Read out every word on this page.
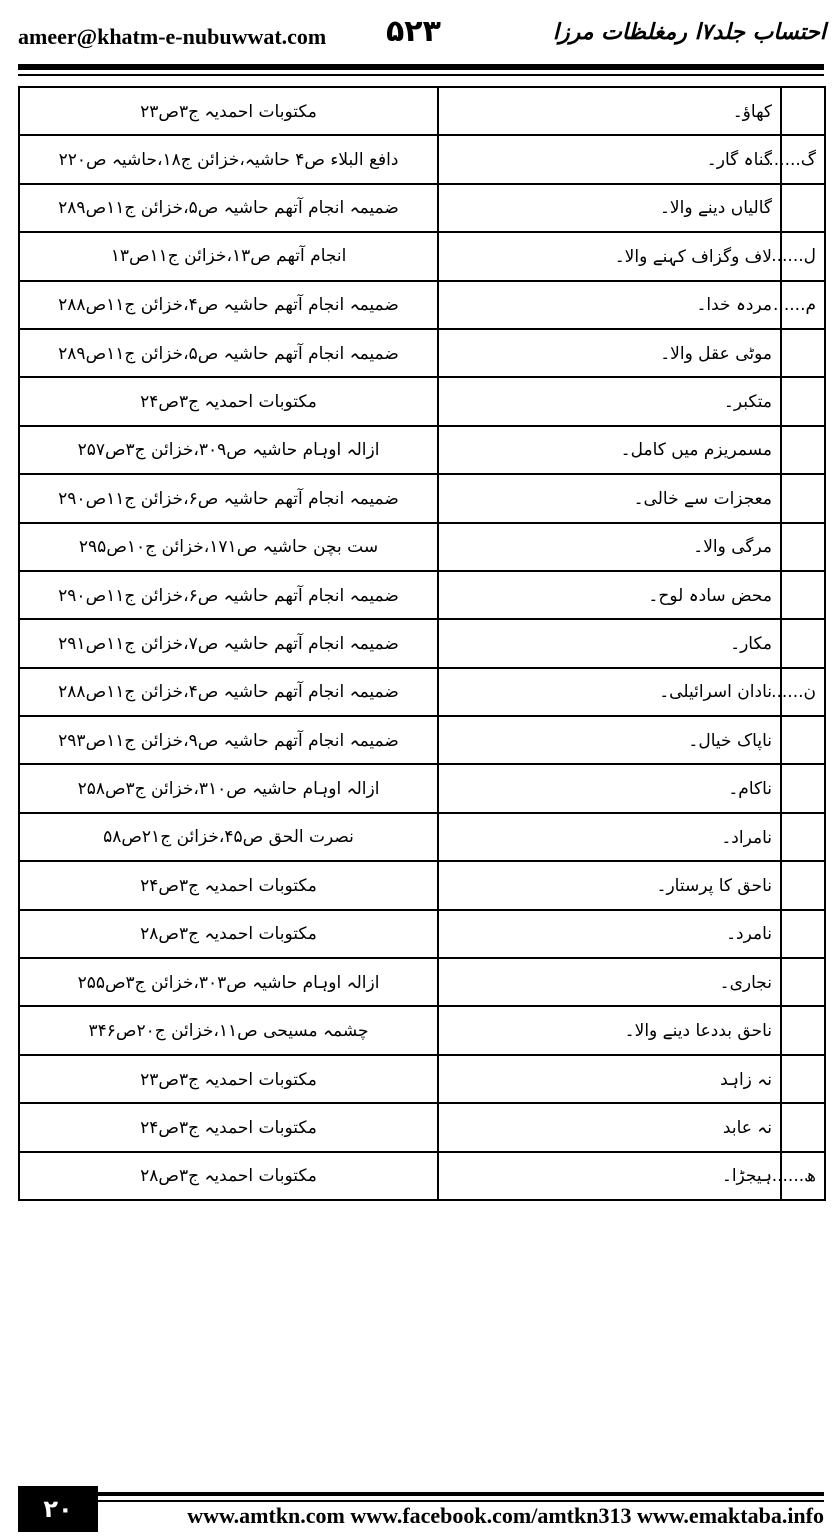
ameer@khatm-e-nubuwwat.com ۵۲۳	احتساب جلد۷ا رمغلظات مرزا
	کھاؤ۔	مکتوبات احمدیہ ج۳ص۲۳
گ......	گناہ گار۔	دافع البلاء ص۴ حاشیہ،خزائن ج۱۸،حاشیہ ص۲۲۰
	گالیاں دینے والا۔	ضمیمہ انجام آتھم حاشیہ ص۵،خزائن ج۱۱ص۲۸۹
ل......	لاف وگزاف کہنے والا۔	انجام آتھم ص۱۳،خزائن ج۱۱ص۱۳
م......	مردہ خدا۔	ضمیمہ انجام آتھم حاشیہ ص۴،خزائن ج۱۱ص۲۸۸
	موٹی عقل والا۔	ضمیمہ انجام آتھم حاشیہ ص۵،خزائن ج۱۱ص۲۸۹
	متکبر۔	مکتوبات احمدیہ ج۳ص۲۴
	مسمریزم میں کامل۔	ازالہ اوہام حاشیہ ص۳۰۹،خزائن ج۳ص۲۵۷
	معجزات سے خالی۔	ضمیمہ انجام آتھم حاشیہ ص۶،خزائن ج۱۱ص۲۹۰
	مرگی والا۔	ست بچن حاشیہ ص۱۷۱،خزائن ج۱۰ص۲۹۵
	محض سادہ لوح۔	ضمیمہ انجام آتھم حاشیہ ص۶،خزائن ج۱۱ص۲۹۰
	مکار۔	ضمیمہ انجام آتھم حاشیہ ص۷،خزائن ج۱۱ص۲۹۱
ن......	نادان اسرائیلی۔	ضمیمہ انجام آتھم حاشیہ ص۴،خزائن ج۱۱ص۲۸۸
	ناپاک خیال۔	ضمیمہ انجام آتھم حاشیہ ص۹،خزائن ج۱۱ص۲۹۳
	ناکام۔	ازالہ اوہام حاشیہ ص۳۱۰،خزائن ج۳ص۲۵۸
	نامراد۔	نصرت الحق ص۴۵،خزائن ج۲۱ص۵۸
	ناحق کا پرستار۔	مکتوبات احمدیہ ج۳ص۲۴
	نامرد۔	مکتوبات احمدیہ ج۳ص۲۸
	نجاری۔	ازالہ اوہام حاشیہ ص۳۰۳،خزائن ج۳ص۲۵۵
	ناحق بددعا دینے والا۔	چشمہ مسیحی ص۱۱،خزائن ج۲۰ص۳۴۶
	نہ زاہد	مکتوبات احمدیہ ج۳ص۲۳
	نہ عابد	مکتوبات احمدیہ ج۳ص۲۴
ھ......	ہیجڑا۔	مکتوبات احمدیہ ج۳ص۲۸
۲۰	www.amtkn.com www.facebook.com/amtkn313 www.emaktaba.info
